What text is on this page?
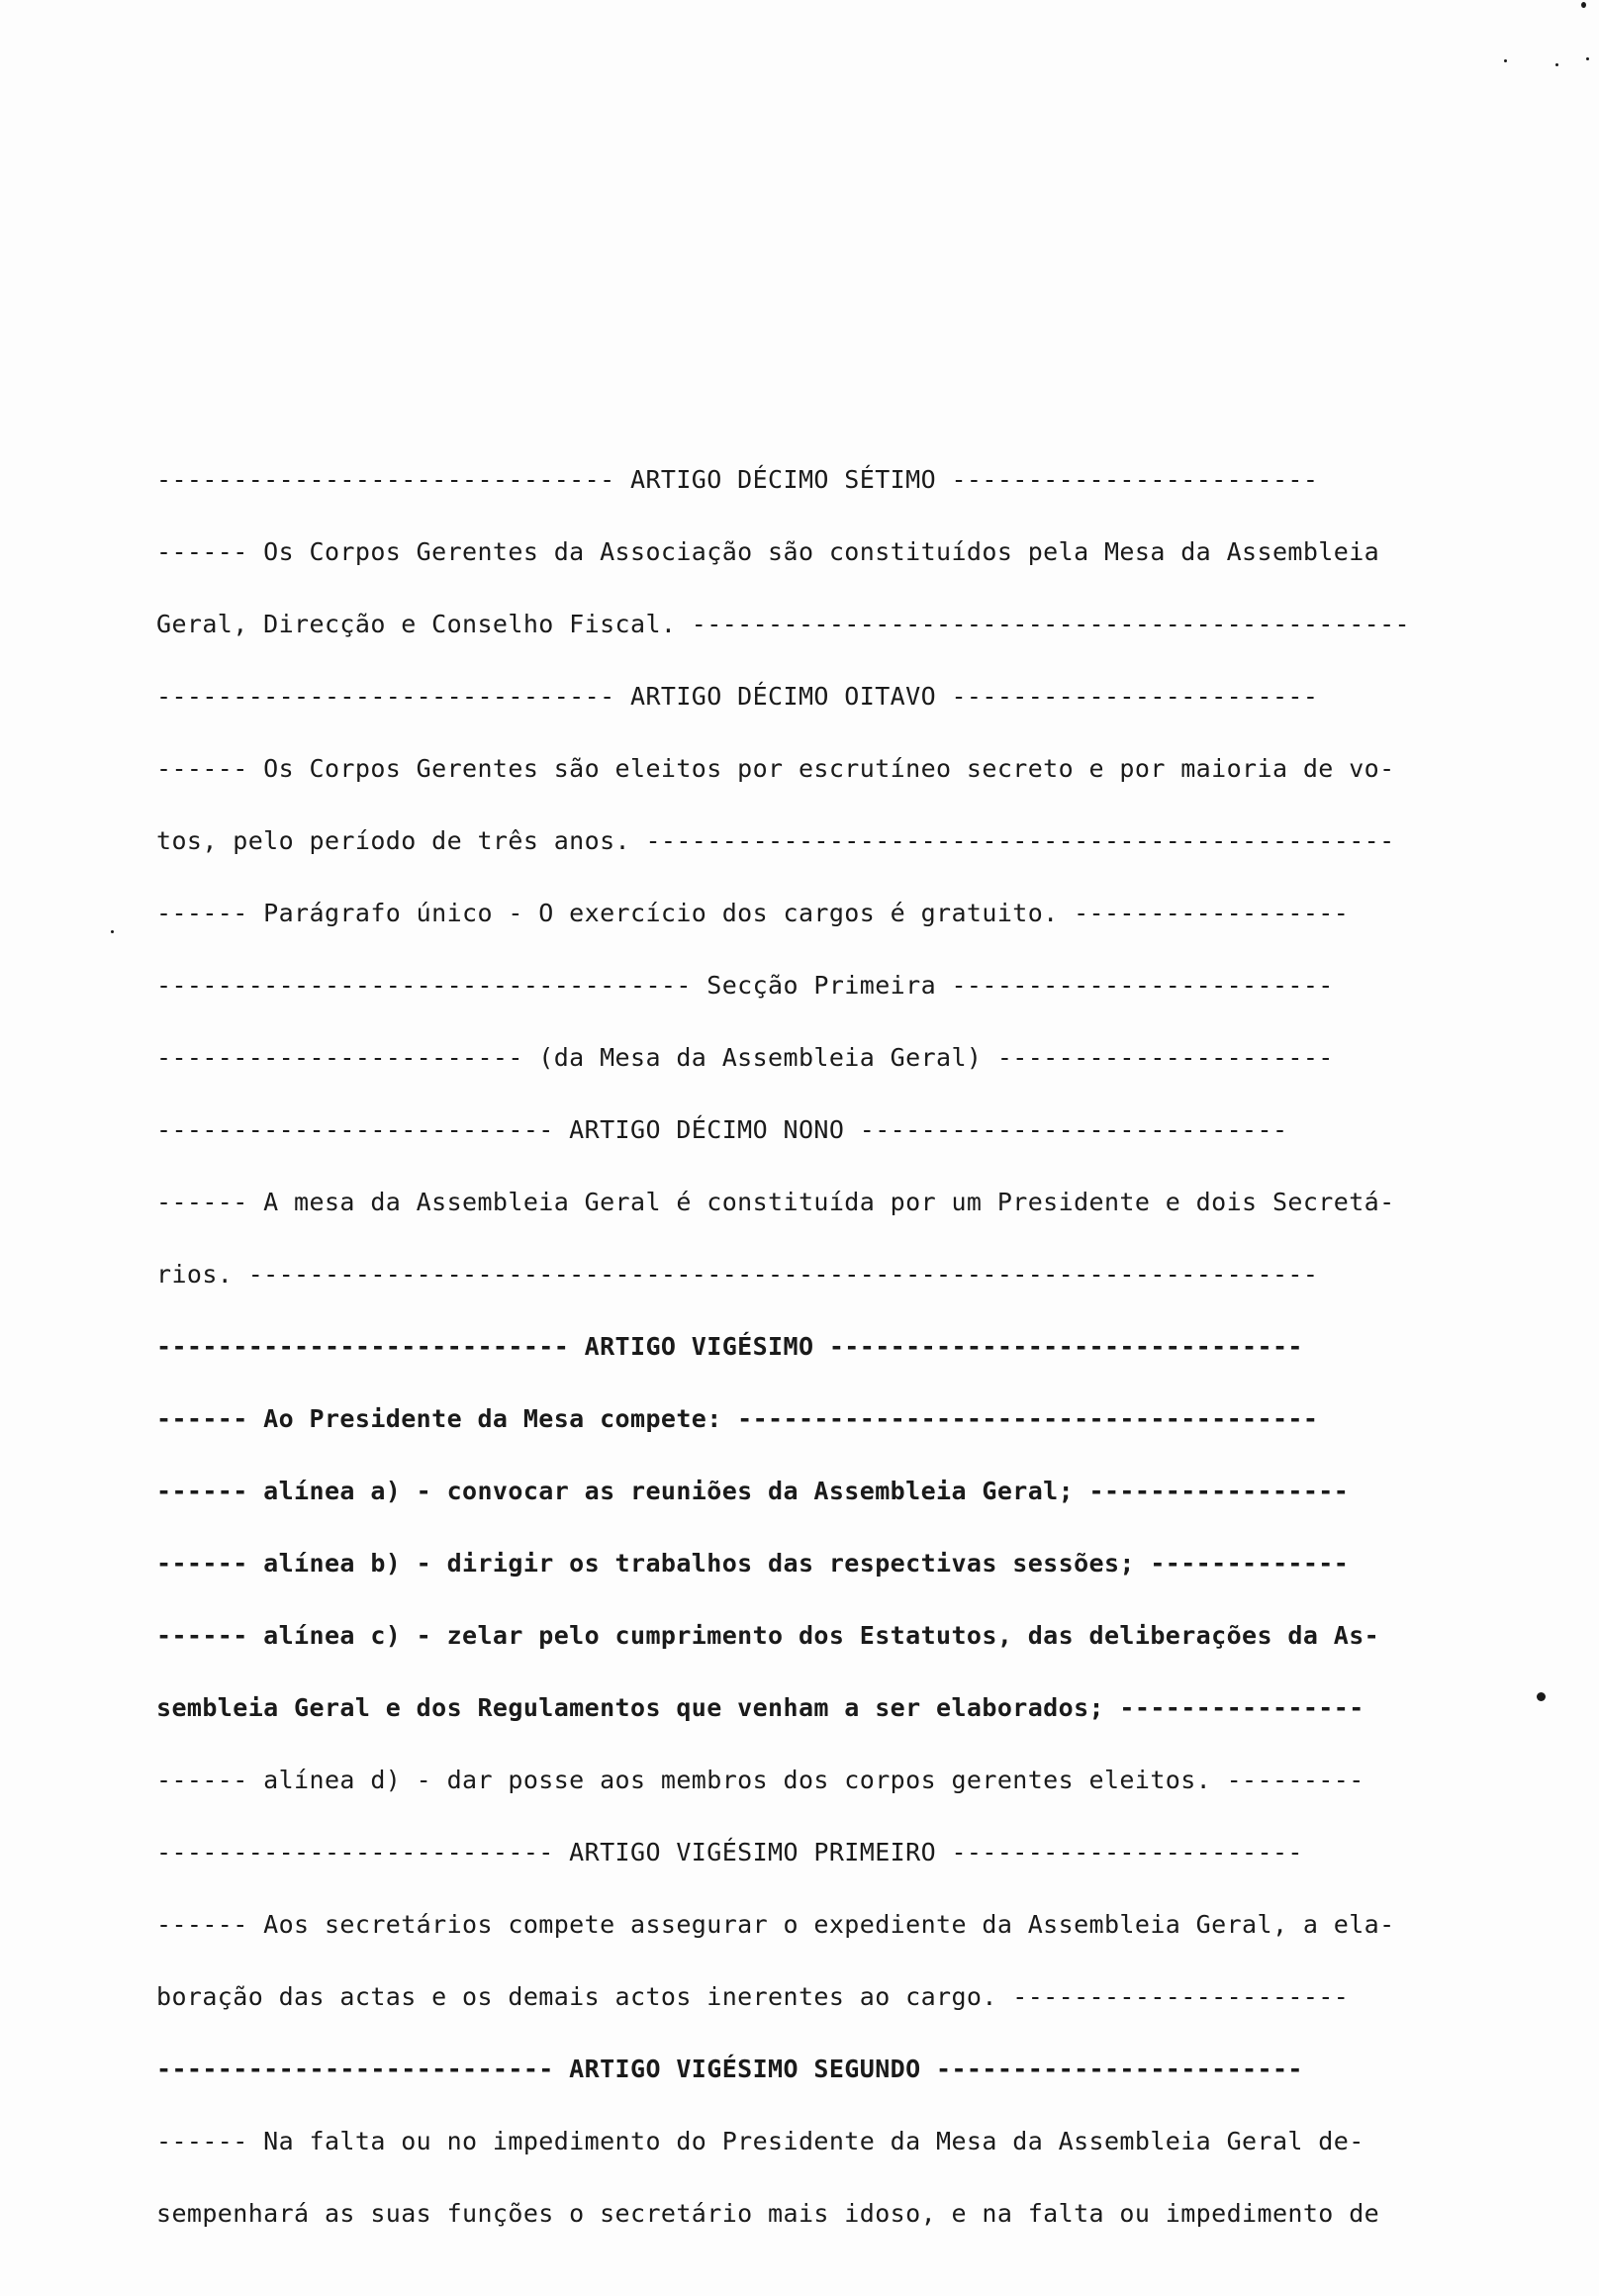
------------------------------ ARTIGO DÉCIMO SÉTIMO ------------------------
------ Os Corpos Gerentes da Associação são constituídos pela Mesa da Assembleia
Geral, Direcção e Conselho Fiscal. -----------------------------------------------
------------------------------ ARTIGO DÉCIMO OITAVO ------------------------
------ Os Corpos Gerentes são eleitos por escrutíneo secreto e por maioria de vo-
tos, pelo período de três anos. -------------------------------------------------
------ Parágrafo único - O exercício dos cargos é gratuito. ------------------
----------------------------------- Secção Primeira -------------------------
------------------------ (da Mesa da Assembleia Geral) ----------------------
-------------------------- ARTIGO DÉCIMO NONO ----------------------------
------ A mesa da Assembleia Geral é constituída por um Presidente e dois Secretá-
rios. ----------------------------------------------------------------------
--------------------------- ARTIGO VIGÉSIMO -------------------------------
------ Ao Presidente da Mesa compete: --------------------------------------
------ alínea a) - convocar as reuniões da Assembleia Geral; -----------------
------ alínea b) - dirigir os trabalhos das respectivas sessões; -------------
------ alínea c) - zelar pelo cumprimento dos Estatutos, das deliberações da As-
sembleia Geral e dos Regulamentos que venham a ser elaborados; ----------------
------ alínea d) - dar posse aos membros dos corpos gerentes eleitos. ---------
-------------------------- ARTIGO VIGÉSIMO PRIMEIRO -----------------------
------ Aos secretários compete assegurar o expediente da Assembleia Geral, a ela-
boração das actas e os demais actos inerentes ao cargo. ----------------------
-------------------------- ARTIGO VIGÉSIMO SEGUNDO ------------------------
------ Na falta ou no impedimento do Presidente da Mesa da Assembleia Geral de-
sempenhará as suas funções o secretário mais idoso, e na falta ou impedimento de
